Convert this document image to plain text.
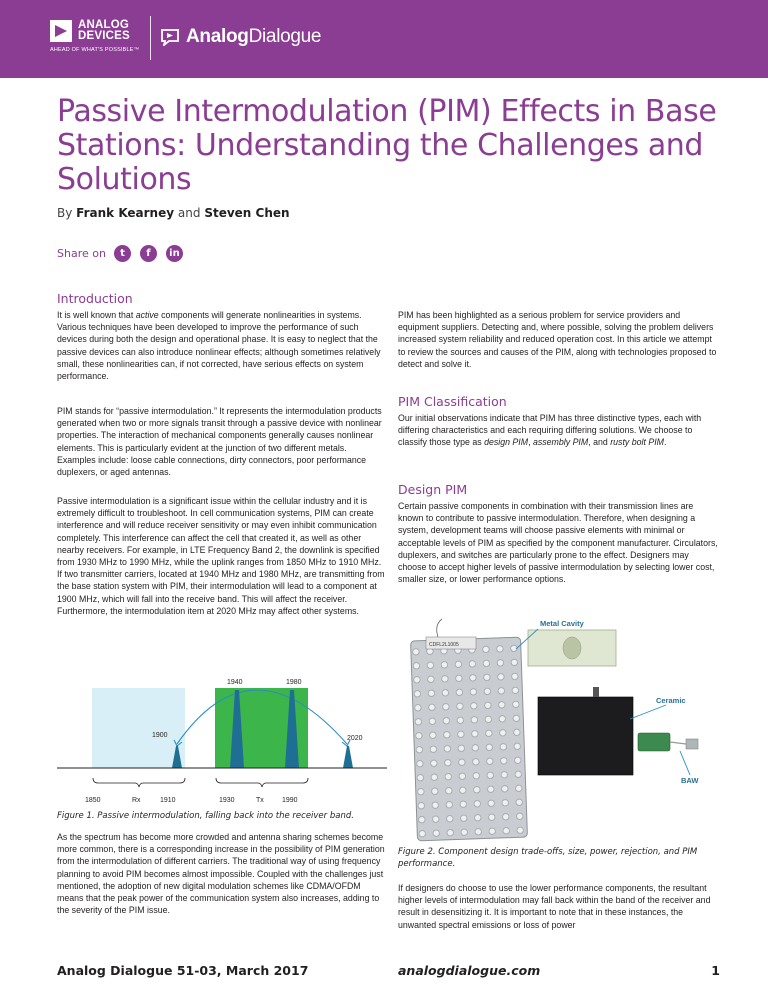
ANALOG
DEVICES
AHEAD OF WHAT'S POSSIBLE™
Analog Dialogue
Passive Intermodulation (PIM) Effects in Base Stations: Understanding the Challenges and Solutions
By Frank Kearney and Steven Chen
Share on	t	f	in
Introduction

It is well known that active components will generate nonlinearities in systems. Various techniques have been developed to improve the performance of such devices during both the design and operational phase. It is easy to neglect that the passive devices can also introduce nonlinear effects; although sometimes relatively small, these nonlinearities can, if not corrected, have serious effects on system performance.

PIM stands for “passive intermodulation.” It represents the intermodulation products generated when two or more signals transit through a passive device with nonlinear properties. The interaction of mechanical components generally causes nonlinear elements. This is particularly evident at the junction of two different metals. Examples include: loose cable connections, dirty connectors, poor performance duplexers, or aged antennas.

Passive intermodulation is a significant issue within the cellular industry and it is extremely difficult to troubleshoot. In cell communication systems, PIM can create interference and will reduce receiver sensitivity or may even inhibit communication completely. This interference can affect the cell that created it, as well as other nearby receivers. For example, in LTE Frequency Band 2, the downlink is specified from 1930 MHz to 1990 MHz, while the uplink ranges from 1850 MHz to 1910 MHz. If two transmitter carriers, located at 1940 MHz and 1980 MHz, are transmitting from the base station system with PIM, their intermodulation will lead to a component at 1900 MHz, which will fall into the receive band. This will affect the receiver. Furthermore, the intermodulation item at 2020 MHz may affect other systems.

1940	1980
1900	2020
1850	Rx	1910	1930	Tx	1990
Figure 1. Passive intermodulation, falling back into the receiver band.

As the spectrum has become more crowded and antenna sharing schemes become more common, there is a corresponding increase in the possibility of PIM generation from the intermodulation of different carriers. The traditional way of using frequency planning to avoid PIM becomes almost impossible. Coupled with the challenges just mentioned, the adoption of new digital modulation schemes like CDMA/OFDM means that the peak power of the communication system also increases, adding to the severity of the PIM issue.

PIM has been highlighted as a serious problem for service providers and equipment suppliers. Detecting and, where possible, solving the problem delivers increased system reliability and reduced operation cost. In this article we attempt to review the sources and causes of the PIM, along with technologies proposed to detect and solve it.

PIM Classification

Our initial observations indicate that PIM has three distinctive types, each with differing characteristics and each requiring differing solutions. We choose to classify those type as design PIM, assembly PIM, and rusty bolt PIM.

Design PIM

Certain passive components in combination with their transmission lines are known to contribute to passive intermodulation. Therefore, when designing a system, development teams will choose passive elements with minimal or acceptable levels of PIM as specified by the component manufacturer. Circulators, duplexers, and switches are particularly prone to the effect. Designers may choose to accept higher levels of passive intermodulation by selecting lower cost, smaller size, or lower performance options.

CDFL2L1005
Metal Cavity
Ceramic
BAW
Figure 2. Component design trade-offs, size, power, rejection, and PIM performance.

If designers do choose to use the lower performance components, the resultant higher levels of intermodulation may fall back within the band of the receiver and result in desensitizing it. It is important to note that in these instances, the unwanted spectral emissions or loss of power

Analog Dialogue 51-03, March 2017	analogdialogue.com	1
